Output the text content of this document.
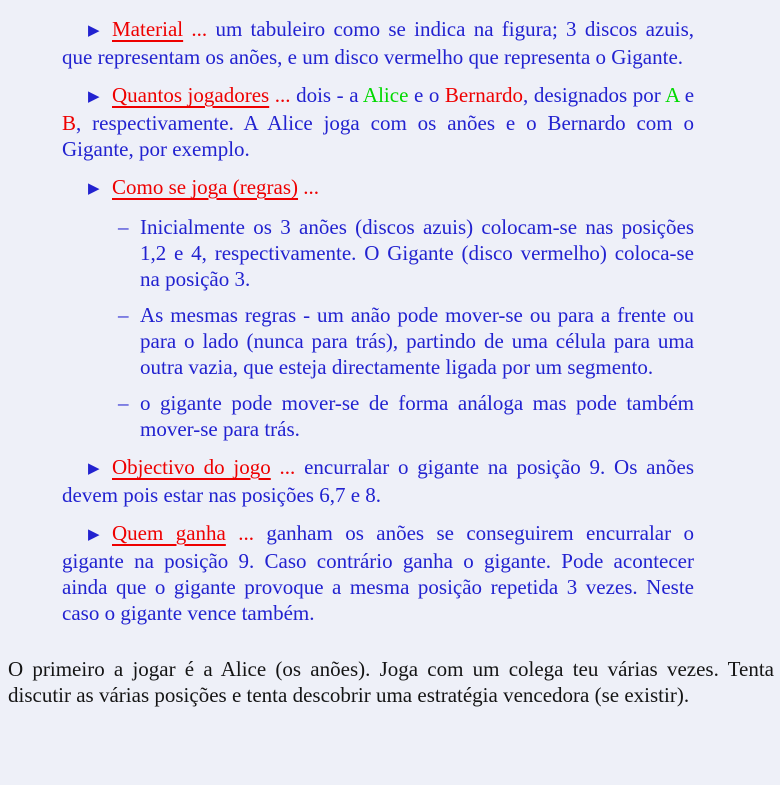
▶ Material ... um tabuleiro como se indica na figura; 3 discos azuis, que representam os anões, e um disco vermelho que representa o Gigante.

▶ Quantos jogadores ... dois - a Alice e o Bernardo, designados por A e B, respectivamente. A Alice joga com os anões e o Bernardo com o Gigante, por exemplo.

▶ Como se joga (regras) ...

– Inicialmente os 3 anões (discos azuis) colocam-se nas posições 1,2 e 4, respectivamente. O Gigante (disco vermelho) coloca-se na posição 3.

– As mesmas regras - um anão pode mover-se ou para a frente ou para o lado (nunca para trás), partindo de uma célula para uma outra vazia, que esteja directamente ligada por um segmento.

– o gigante pode mover-se de forma análoga mas pode também mover-se para trás.

▶ Objectivo do jogo ... encurralar o gigante na posição 9. Os anões devem pois estar nas posições 6,7 e 8.

▶ Quem ganha ... ganham os anões se conseguirem encurralar o gigante na posição 9. Caso contrário ganha o gigante. Pode acontecer ainda que o gigante provoque a mesma posição repetida 3 vezes. Neste caso o gigante vence também.

O primeiro a jogar é a Alice (os anões). Joga com um colega teu várias vezes. Tenta discutir as várias posições e tenta descobrir uma estratégia vencedora (se existir).
